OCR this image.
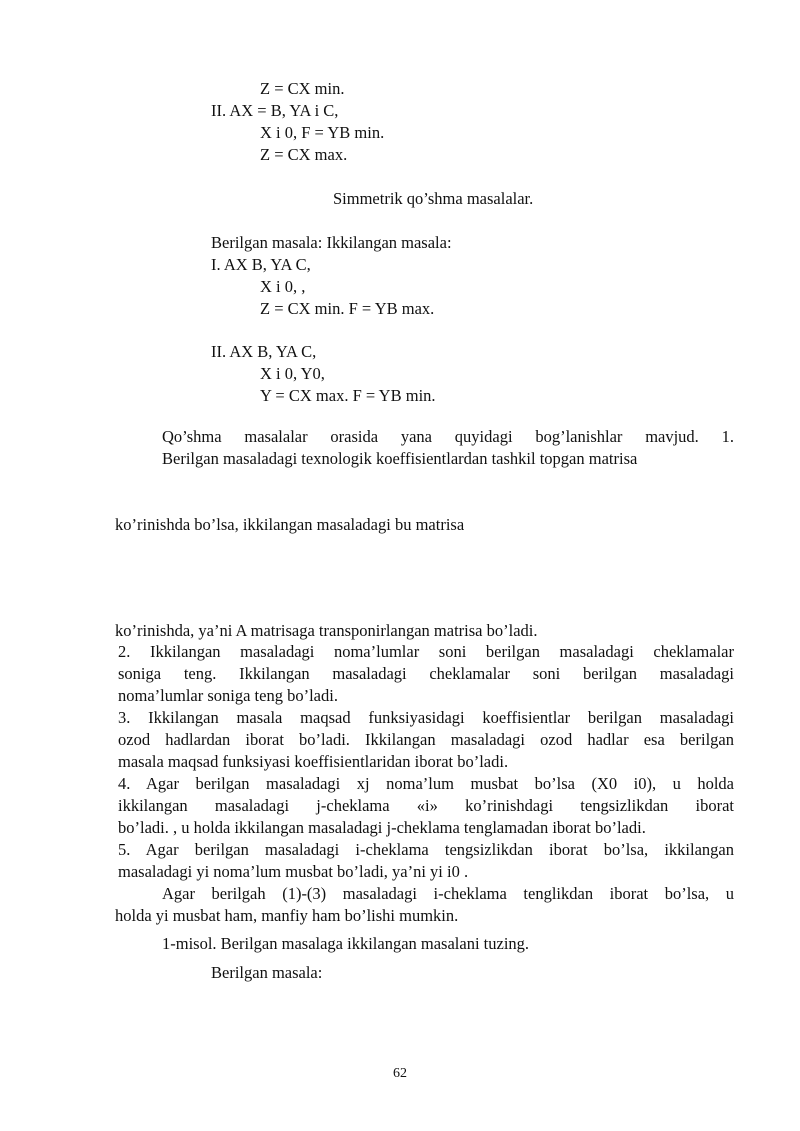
Z = CX min.
II. AX = B, YA i C,
X i 0, F = YB min.
Z = CX max.
Simmetrik qo’shma masalalar.
Berilgan masala: Ikkilangan masala:
I. AX B, YA C,
X i 0, ,
Z = CX min. F = YB max.
II. AX B, YA C,
X i 0, Y0,
Y = CX max. F = YB min.
Qo’shma masalalar orasida yana quyidagi bog’lanishlar mavjud. 1.
Berilgan masaladagi texnologik koeffisientlardan tashkil topgan matrisa
ko’rinishda bo’lsa, ikkilangan masaladagi bu matrisa
ko’rinishda, ya’ni A matrisaga transponirlangan matrisa bo’ladi.
2. Ikkilangan masaladagi noma’lumlar soni berilgan masaladagi cheklamalar
soniga teng. Ikkilangan masaladagi cheklamalar soni berilgan masaladagi
noma’lumlar soniga teng bo’ladi.
3. Ikkilangan masala maqsad funksiyasidagi koeffisientlar berilgan masaladagi
ozod hadlardan iborat bo’ladi. Ikkilangan masaladagi ozod hadlar esa berilgan
masala maqsad funksiyasi koeffisientlaridan iborat bo’ladi.
4. Agar berilgan masaladagi xj noma’lum musbat bo’lsa (X0 i0), u holda
ikkilangan masaladagi j-cheklama «i» ko’rinishdagi tengsizlikdan iborat
bo’ladi. , u holda ikkilangan masaladagi j-cheklama tenglamadan iborat bo’ladi.
5. Agar berilgan masaladagi i-cheklama tengsizlikdan iborat bo’lsa, ikkilangan
masaladagi yi noma’lum musbat bo’ladi, ya’ni yi i0 .
Agar berilgah (1)-(3) masaladagi i-cheklama tenglikdan iborat bo’lsa, u
holda yi musbat ham, manfiy ham bo’lishi mumkin.
1-misol. Berilgan masalaga ikkilangan masalani tuzing.
Berilgan masala:
62
